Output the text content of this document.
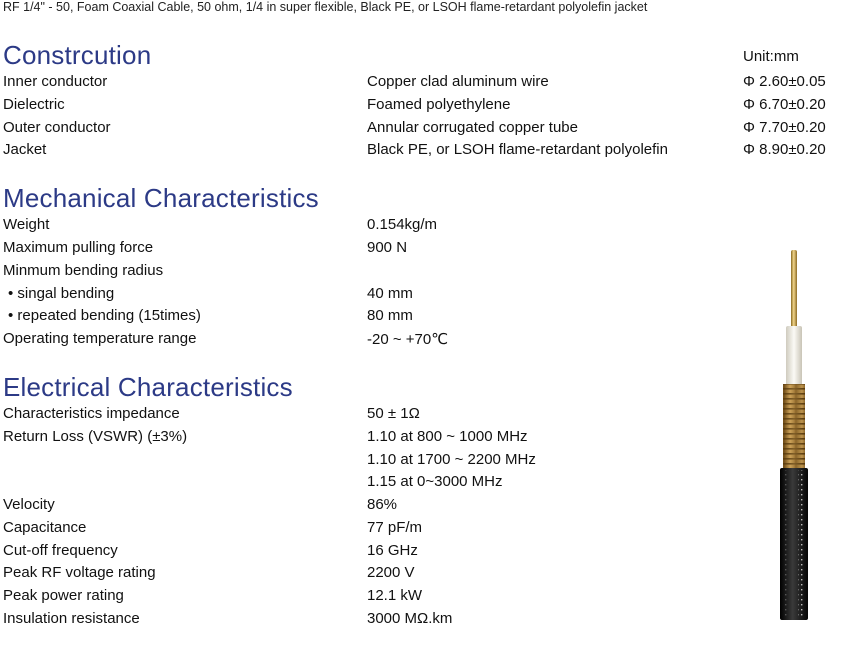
RF 1/4" - 50, Foam Coaxial Cable, 50 ohm, 1/4 in super flexible, Black PE, or LSOH flame-retardant polyolefin jacket
Constrcution	Unit:mm
Inner conductor	Copper clad aluminum wire	Φ 2.60±0.05
Dielectric	Foamed polyethylene	Φ 6.70±0.20
Outer conductor	Annular corrugated copper tube	Φ 7.70±0.20
Jacket	Black PE, or LSOH flame-retardant polyolefin	Φ 8.90±0.20
Mechanical Characteristics
Weight	0.154kg/m
Maximum pulling force	900 N
Minmum bending radius
• singal bending	40 mm
• repeated bending (15times)	80 mm
Operating temperature range	-20 ~ +70℃
Electrical Characteristics
Characteristics impedance	50 ± 1Ω
Return Loss (VSWR) (±3%)	1.10 at 800 ~ 1000 MHz
1.10 at 1700 ~ 2200 MHz
1.15 at 0~3000 MHz
Velocity	86%
Capacitance	77 pF/m
Cut-off frequency	16 GHz
Peak RF voltage rating	2200 V
Peak power rating	12.1 kW
Insulation resistance	3000 MΩ.km
